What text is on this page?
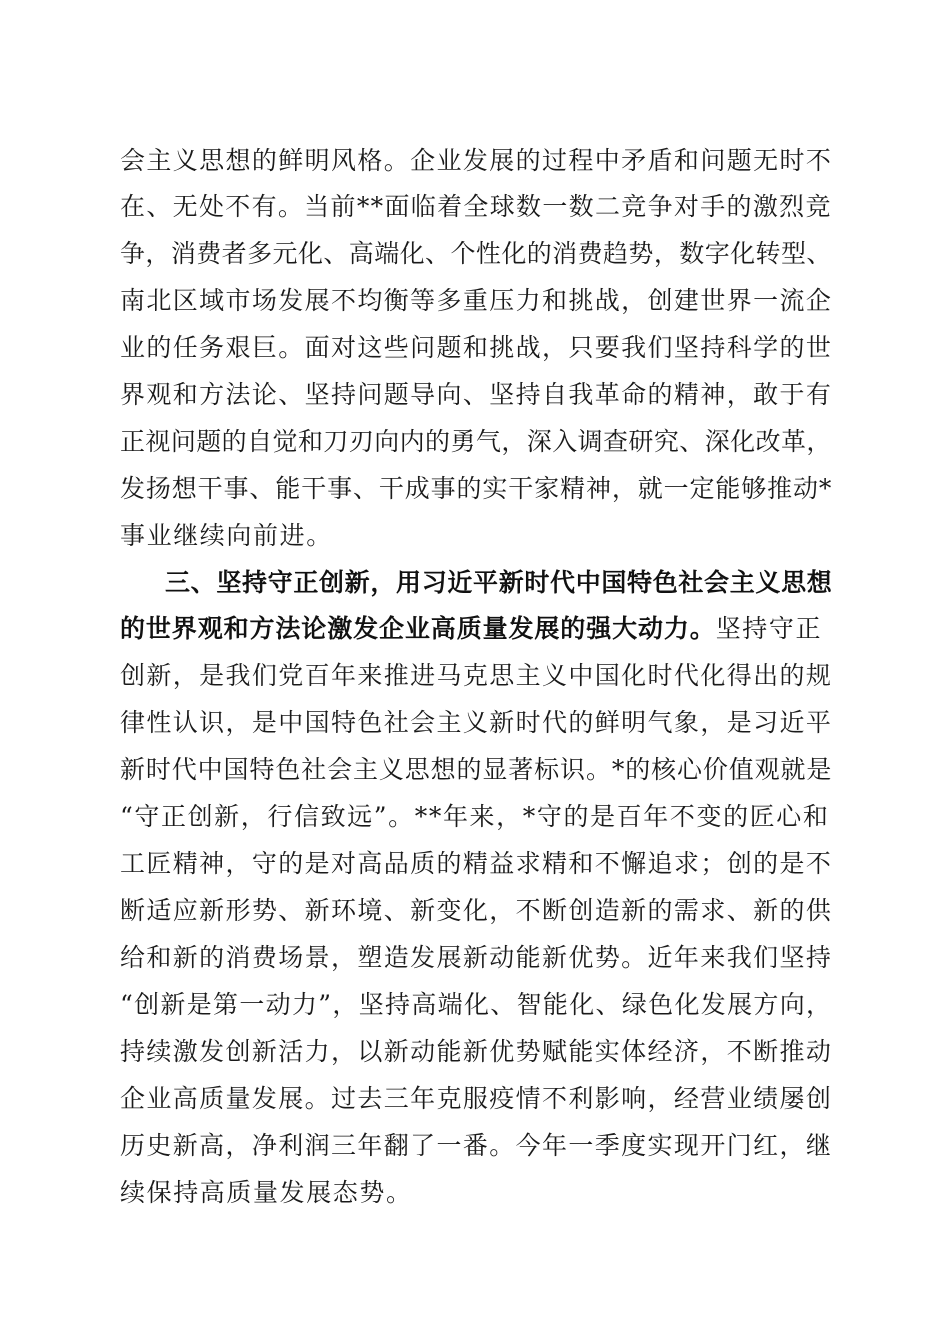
会主义思想的鲜明风格。企业发展的过程中矛盾和问题无时不
在、无处不有。当前**面临着全球数一数二竞争对手的激烈竞
争，消费者多元化、高端化、个性化的消费趋势，数字化转型、
南北区域市场发展不均衡等多重压力和挑战，创建世界一流企
业的任务艰巨。面对这些问题和挑战，只要我们坚持科学的世
界观和方法论、坚持问题导向、坚持自我革命的精神，敢于有
正视问题的自觉和刀刃向内的勇气，深入调查研究、深化改革，
发扬想干事、能干事、干成事的实干家精神，就一定能够推动*
事业继续向前进。
三、坚持守正创新，用习近平新时代中国特色社会主义思想
的世界观和方法论激发企业高质量发展的强大动力。坚持守正
创新，是我们党百年来推进马克思主义中国化时代化得出的规
律性认识，是中国特色社会主义新时代的鲜明气象，是习近平
新时代中国特色社会主义思想的显著标识。*的核心价值观就是
“守正创新，行信致远”。**年来，*守的是百年不变的匠心和
工匠精神，守的是对高品质的精益求精和不懈追求；创的是不
断适应新形势、新环境、新变化，不断创造新的需求、新的供
给和新的消费场景，塑造发展新动能新优势。近年来我们坚持
“创新是第一动力”，坚持高端化、智能化、绿色化发展方向，
持续激发创新活力，以新动能新优势赋能实体经济，不断推动
企业高质量发展。过去三年克服疫情不利影响，经营业绩屡创
历史新高，净利润三年翻了一番。今年一季度实现开门红，继
续保持高质量发展态势。
